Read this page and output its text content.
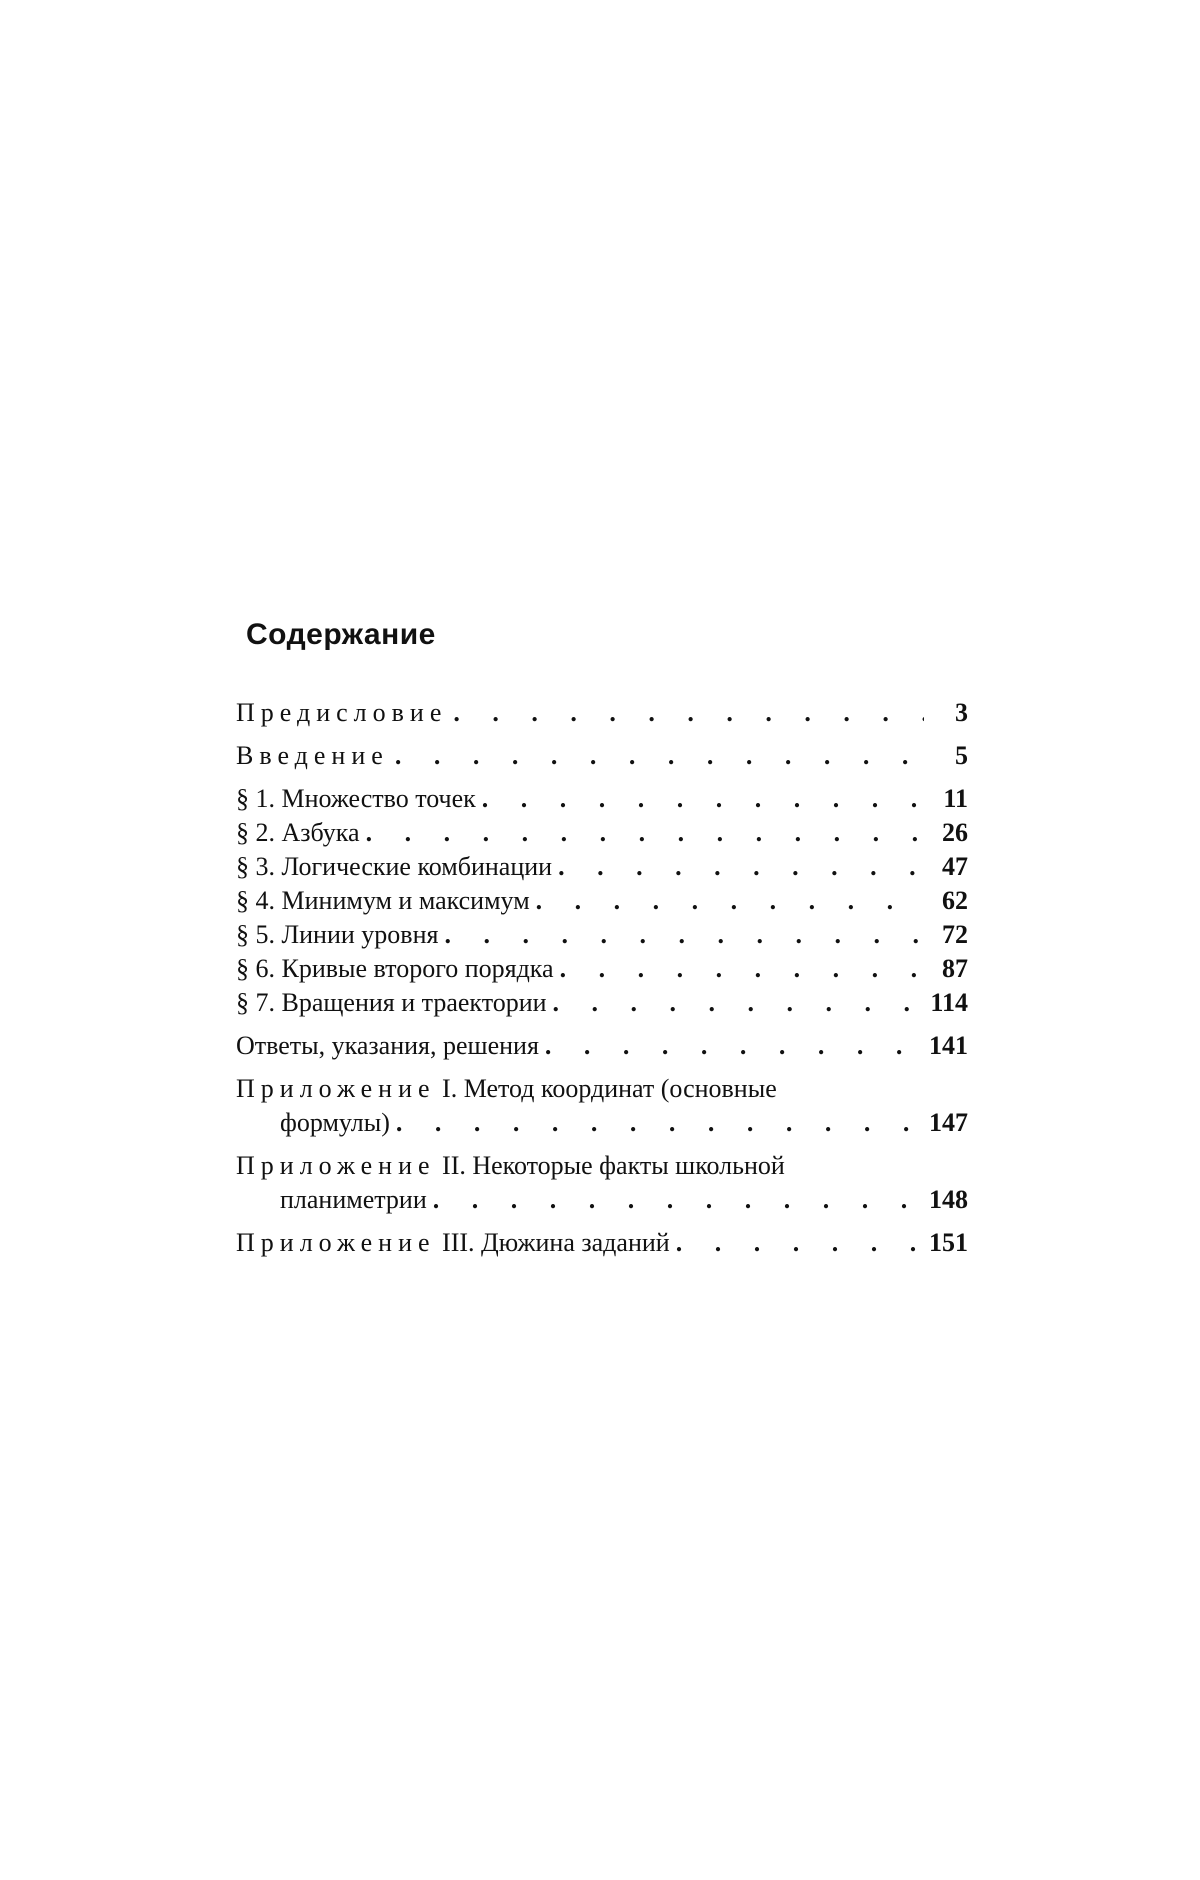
Содержание
Предисловие . . .	3
Введение . . .	5
§ 1. Множество точек . . .	11
§ 2. Азбука . . .	26
§ 3. Логические комбинации . . .	47
§ 4. Минимум и максимум . . .	62
§ 5. Линии уровня . . .	72
§ 6. Кривые второго порядка . . .	87
§ 7. Вращения и траектории . . .	114
Ответы, указания, решения . . .	141
Приложение I. Метод координат (основные
формулы) . . .	147
Приложение II. Некоторые факты школьной
планиметрии . . .	148
Приложение III. Дюжина заданий . . .	151
